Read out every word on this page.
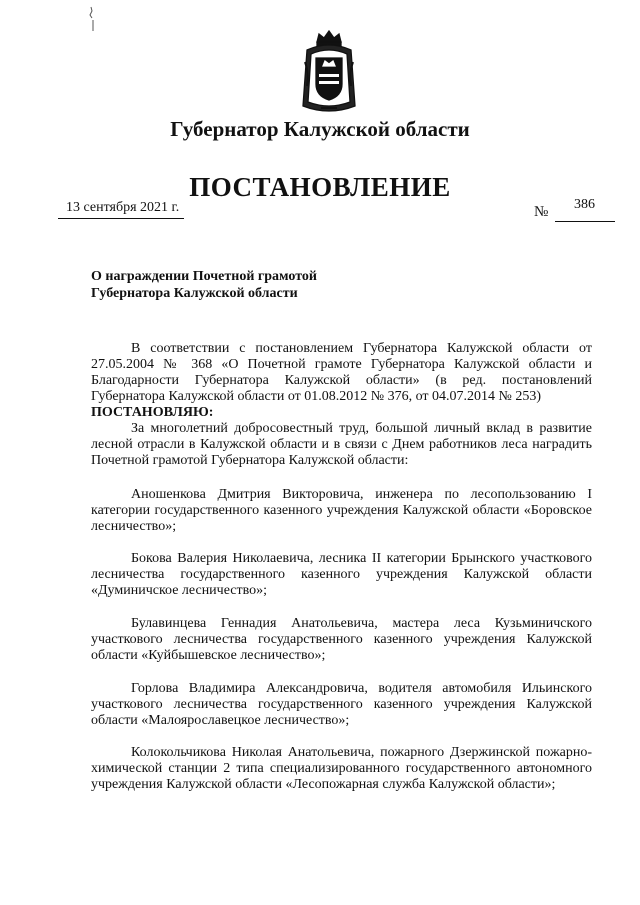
Губернатор Калужской области
ПОСТАНОВЛЕНИЕ
13 сентября 2021 г.	№ 386
О награждении Почетной грамотой
Губернатора Калужской области
В соответствии с постановлением Губернатора Калужской области от 27.05.2004 № 368 «О Почетной грамоте Губернатора Калужской области и Благодарности Губернатора Калужской области» (в ред. постановлений Губернатора Калужской области от 01.08.2012 № 376, от 04.07.2014 № 253)
ПОСТАНОВЛЯЮ:
За многолетний добросовестный труд, большой личный вклад в развитие лесной отрасли в Калужской области и в связи с Днем работников леса наградить Почетной грамотой Губернатора Калужской области:
Аношенкова Дмитрия Викторовича, инженера по лесопользованию I категории государственного казенного учреждения Калужской области «Боровское лесничество»;
Бокова Валерия Николаевича, лесника II категории Брынского участкового лесничества государственного казенного учреждения Калужской области «Думиничское лесничество»;
Булавинцева Геннадия Анатольевича, мастера леса Кузьминичского участкового лесничества государственного казенного учреждения Калужской области «Куйбышевское лесничество»;
Горлова Владимира Александровича, водителя автомобиля Ильинского участкового лесничества государственного казенного учреждения Калужской области «Малоярославецкое лесничество»;
Колокольчикова Николая Анатольевича, пожарного Дзержинской пожарно-химической станции 2 типа специализированного государственного автономного учреждения Калужской области «Лесопожарная служба Калужской области»;
